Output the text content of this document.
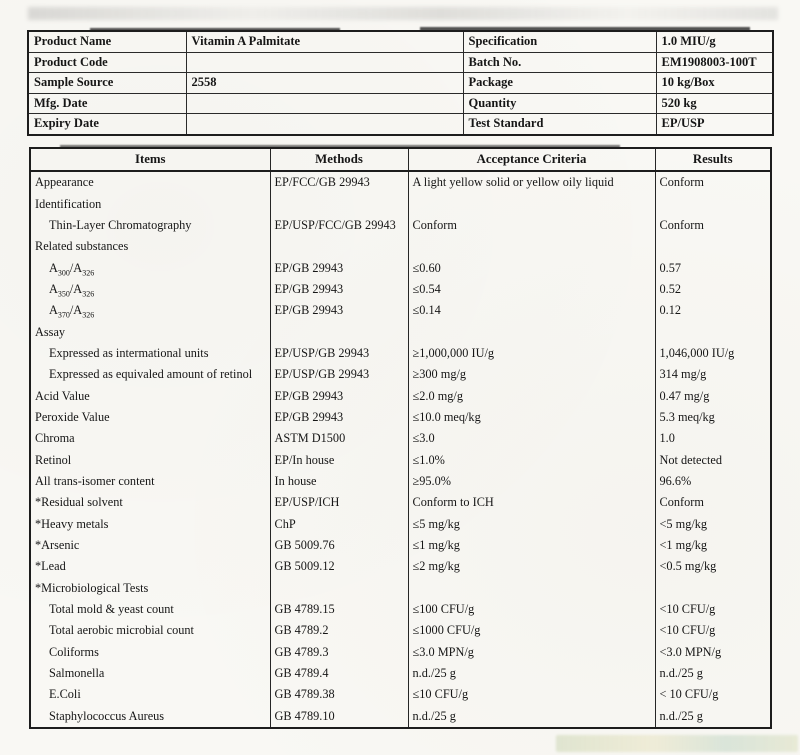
Product Name	Vitamin A Palmitate	Specification	1.0 MIU/g
Product Code		Batch No.	EM1908003-100T
Sample Source	2558	Package	10 kg/Box
Mfg. Date		Quantity	520 kg
Expiry Date		Test Standard	EP/USP
Items	Methods	Acceptance Criteria	Results
Appearance	EP/FCC/GB 29943	A light yellow solid or yellow oily liquid	Conform
Identification			
Thin-Layer Chromatography	EP/USP/FCC/GB 29943	Conform	Conform
Related substances			
$A_{300}/A_{326}$	EP/GB 29943	≤0.60	0.57
$A_{350}/A_{326}$	EP/GB 29943	≤0.54	0.52
$A_{370}/A_{326}$	EP/GB 29943	≤0.14	0.12
Assay			
Expressed as intermational units	EP/USP/GB 29943	≥1,000,000 IU/g	1,046,000 IU/g
Expressed as equivaled amount of retinol	EP/USP/GB 29943	≥300 mg/g	314 mg/g
Acid Value	EP/GB 29943	≤2.0 mg/g	0.47 mg/g
Peroxide Value	EP/GB 29943	≤10.0 meq/kg	5.3 meq/kg
Chroma	ASTM D1500	≤3.0	1.0
Retinol	EP/In house	≤1.0%	Not detected
All trans-isomer content	In house	≥95.0%	96.6%
*Residual solvent	EP/USP/ICH	Conform to ICH	Conform
*Heavy metals	ChP	≤5 mg/kg	<5 mg/kg
*Arsenic	GB 5009.76	≤1 mg/kg	<1 mg/kg
*Lead	GB 5009.12	≤2 mg/kg	<0.5 mg/kg
*Microbiological Tests			
Total mold & yeast count	GB 4789.15	≤100 CFU/g	<10 CFU/g
Total aerobic microbial count	GB 4789.2	≤1000 CFU/g	<10 CFU/g
Coliforms	GB 4789.3	≤3.0 MPN/g	<3.0 MPN/g
Salmonella	GB 4789.4	n.d./25 g	n.d./25 g
E.Coli	GB 4789.38	≤10 CFU/g	< 10 CFU/g
Staphylococcus Aureus	GB 4789.10	n.d./25 g	n.d./25 g
